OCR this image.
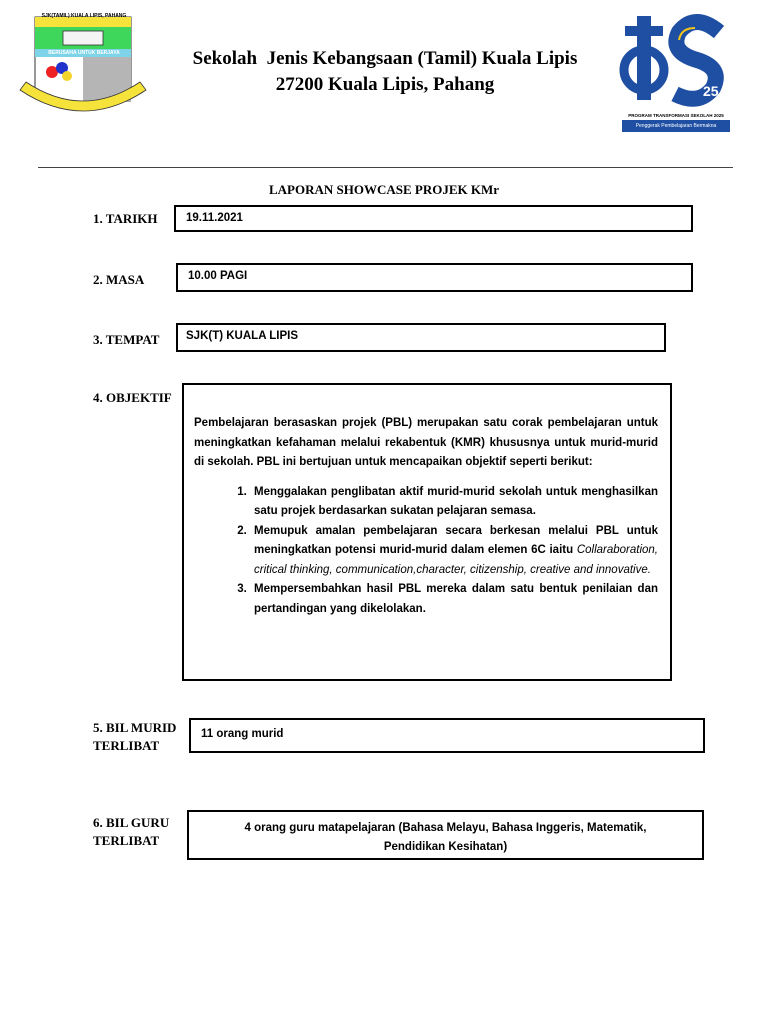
SJK(TAMIL) KUALA LIPIS, PAHANG
BERUSAHA UNTUK BERJAYA	Sekolah  Jenis Kebangsaan (Tamil) Kuala Lipis
27200 Kuala Lipis, Pahang	25
PROGRAM TRANSFORMASI SEKOLAH 2025
Penggerak Pembelajaran Bermakna
LAPORAN SHOWCASE PROJEK KMr
1. TARIKH	19.11.2021
2. MASA	10.00 PAGI
3. TEMPAT	SJK(T) KUALA LIPIS
4. OBJEKTIF
Pembelajaran berasaskan projek (PBL) merupakan satu corak pembelajaran untuk meningkatkan kefahaman melalui rekabentuk (KMR) khususnya untuk murid-murid di sekolah. PBL ini bertujuan untuk mencapaikan objektif seperti berikut:
1. Menggalakan penglibatan aktif murid-murid sekolah untuk menghasilkan satu projek berdasarkan sukatan pelajaran semasa.
2. Memupuk amalan pembelajaran secara berkesan melalui PBL untuk meningkatkan potensi murid-murid dalam elemen 6C iaitu Collaraboration, critical thinking, communication,character, citizenship, creative and innovative.
3. Mempersembahkan hasil PBL mereka dalam satu bentuk penilaian dan pertandingan yang dikelolakan.
5. BIL MURID
TERLIBAT
11 orang murid
6. BIL GURU
TERLIBAT
4 orang guru matapelajaran (Bahasa Melayu, Bahasa Inggeris, Matematik, Pendidikan Kesihatan)
